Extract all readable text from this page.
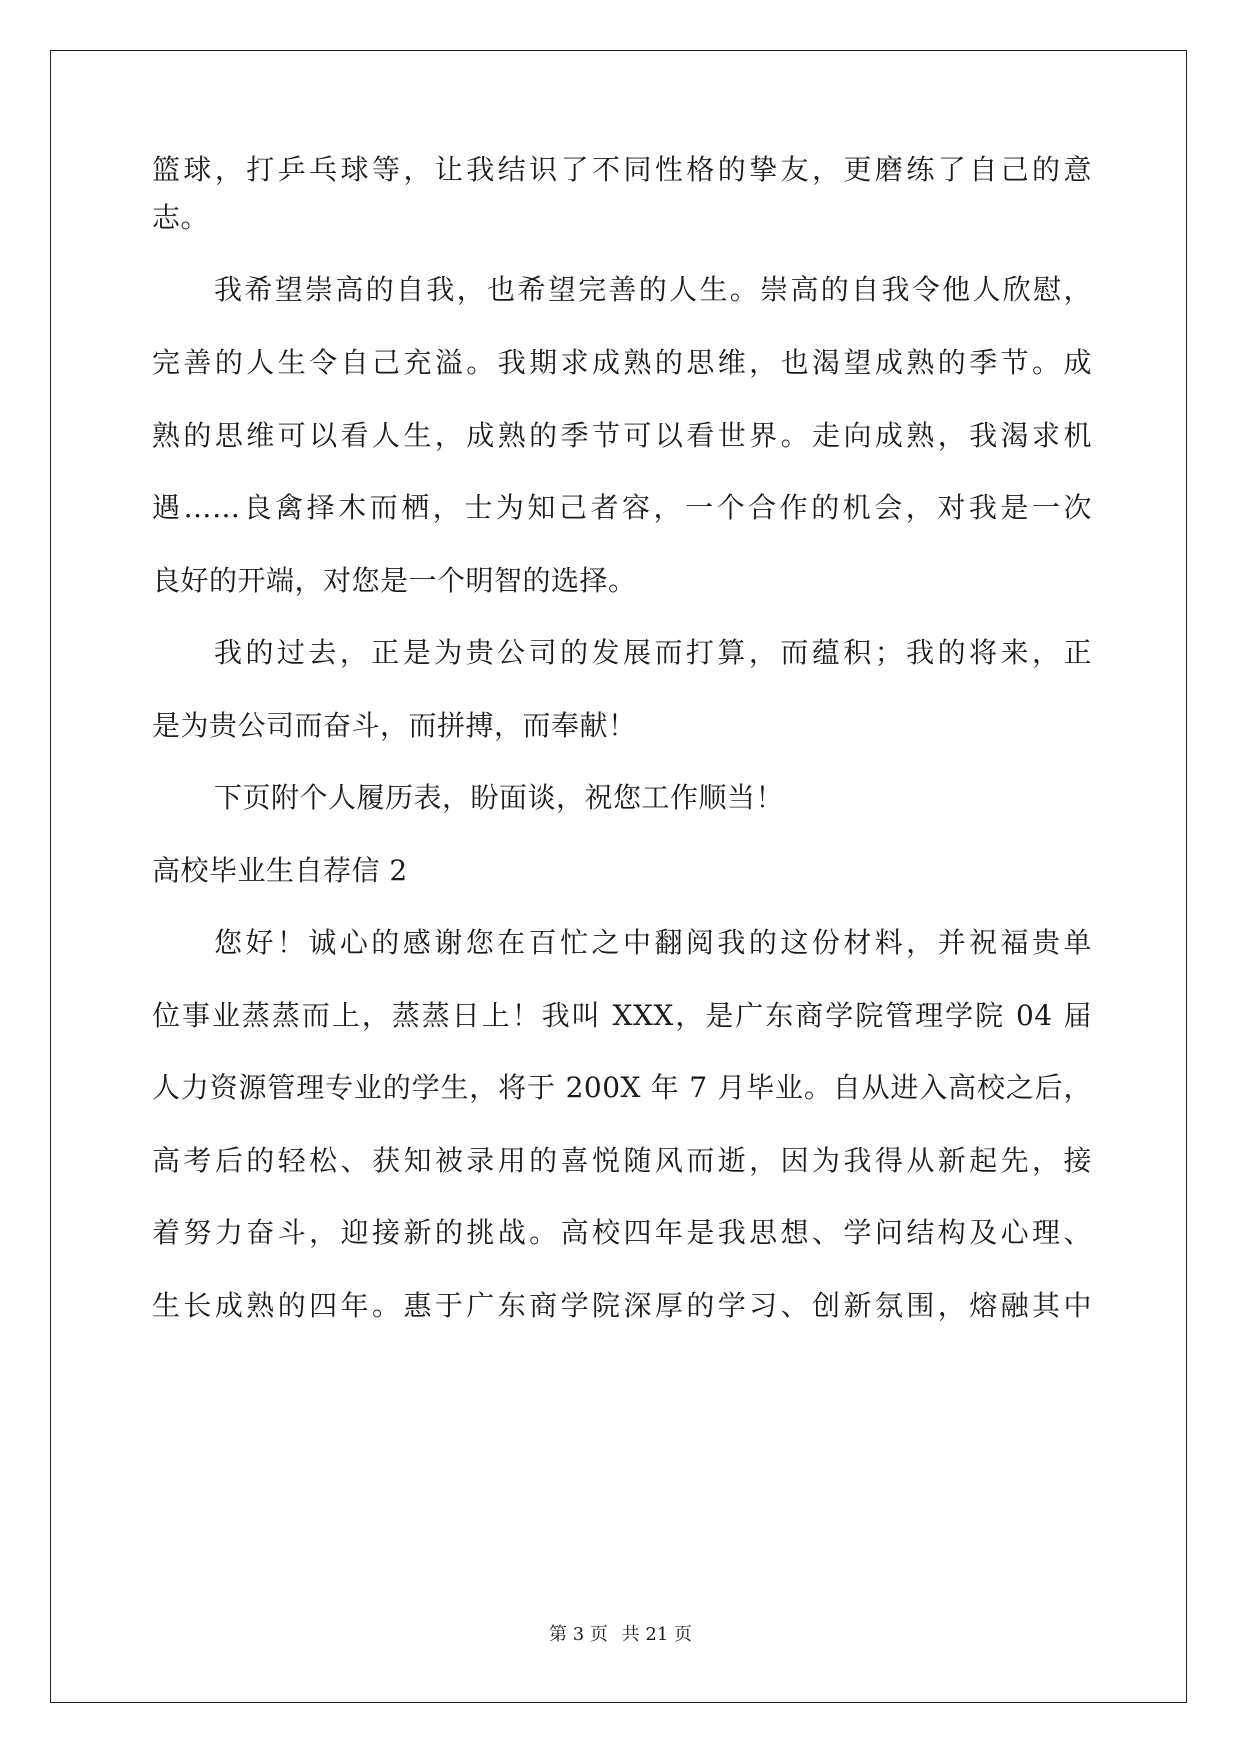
篮球，打乒乓球等，让我结识了不同性格的挚友，更磨练了自己的意
志。
我希望崇高的自我，也希望完善的人生。崇高的自我令他人欣慰，
完善的人生令自己充溢。我期求成熟的思维，也渴望成熟的季节。成
熟的思维可以看人生，成熟的季节可以看世界。走向成熟，我渴求机
遇……良禽择木而栖，士为知己者容，一个合作的机会，对我是一次
良好的开端，对您是一个明智的选择。
我的过去，正是为贵公司的发展而打算，而蕴积；我的将来，正
是为贵公司而奋斗，而拼搏，而奉献！
下页附个人履历表，盼面谈，祝您工作顺当！
高校毕业生自荐信 2
您好！诚心的感谢您在百忙之中翻阅我的这份材料，并祝福贵单
位事业蒸蒸而上，蒸蒸日上！我叫 XXX，是广东商学院管理学院 04 届
人力资源管理专业的学生，将于 200X 年 7 月毕业。自从进入高校之后，
高考后的轻松、获知被录用的喜悦随风而逝，因为我得从新起先，接
着努力奋斗，迎接新的挑战。高校四年是我思想、学问结构及心理、
生长成熟的四年。惠于广东商学院深厚的学习、创新氛围，熔融其中
第 3 页 共 21 页
